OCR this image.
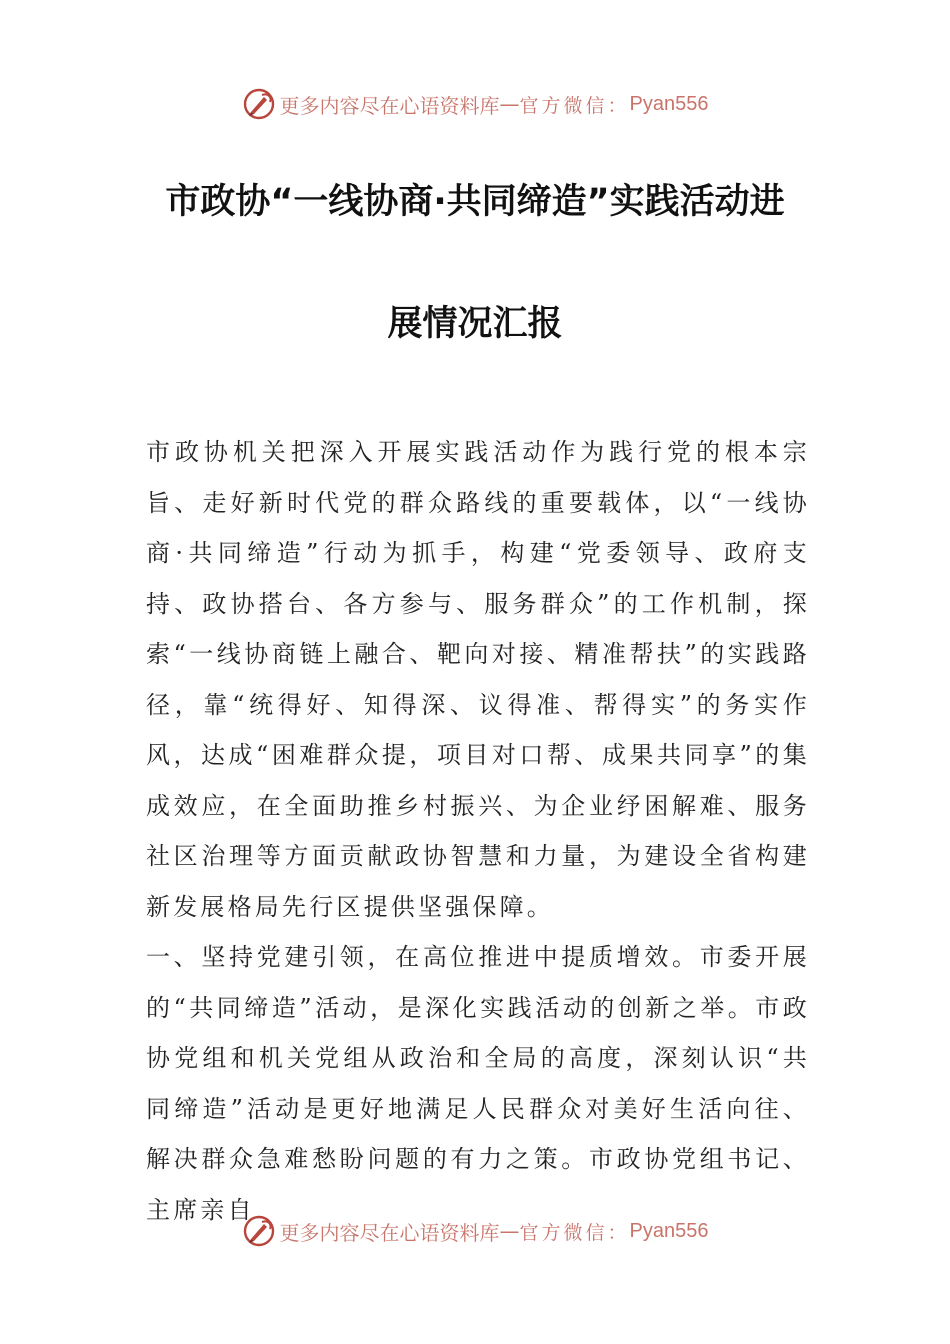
更多内容尽在心语资料库 — 官方微信： Pyan556
市政协“一线协商·共同缔造”实践活动进
展情况汇报

市政协机关把深入开展实践活动作为践行党的根本宗旨、走好新时代党的群众路线的重要载体，以“一线协商·共同缔造”行动为抓手，构建“党委领导、政府支持、政协搭台、各方参与、服务群众”的工作机制，探索“一线协商链上融合、靶向对接、精准帮扶”的实践路径，靠“统得好、知得深、议得准、帮得实”的务实作风，达成“困难群众提，项目对口帮、成果共同享”的集成效应，在全面助推乡村振兴、为企业纾困解难、服务社区治理等方面贡献政协智慧和力量，为建设全省构建新发展格局先行区提供坚强保障。

一、坚持党建引领，在高位推进中提质增效。市委开展的“共同缔造”活动，是深化实践活动的创新之举。市政协党组和机关党组从政治和全局的高度，深刻认识“共同缔造”活动是更好地满足人民群众对美好生活向往、解决群众急难愁盼问题的有力之策。市政协党组书记、主席亲自

更多内容尽在心语资料库 — 官方微信： Pyan556
